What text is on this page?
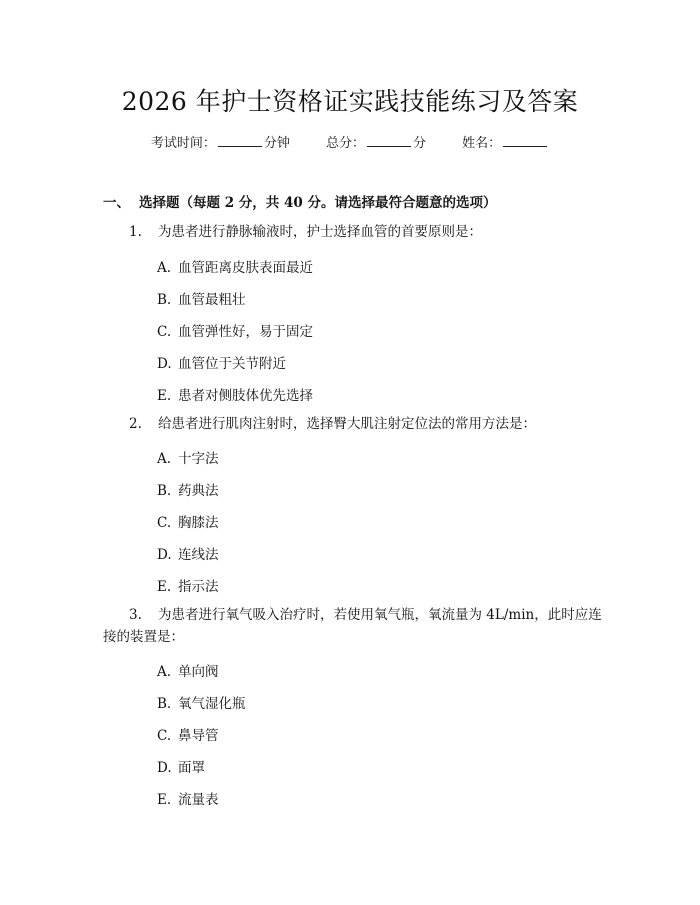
2026 年护士资格证实践技能练习及答案
考试时间：	分钟	总分：	分	姓名：
一、 选择题（每题 2 分，共 40 分。请选择最符合题意的选项）
1. 为患者进行静脉输液时，护士选择血管的首要原则是：
A. 血管距离皮肤表面最近
B. 血管最粗壮
C. 血管弹性好，易于固定
D. 血管位于关节附近
E. 患者对侧肢体优先选择
2. 给患者进行肌肉注射时，选择臀大肌注射定位法的常用方法是：
A. 十字法
B. 药典法
C. 胸膝法
D. 连线法
E. 指示法
3. 为患者进行氧气吸入治疗时，若使用氧气瓶，氧流量为 4L/min，此时应连接的装置是：
A. 单向阀
B. 氧气湿化瓶
C. 鼻导管
D. 面罩
E. 流量表
